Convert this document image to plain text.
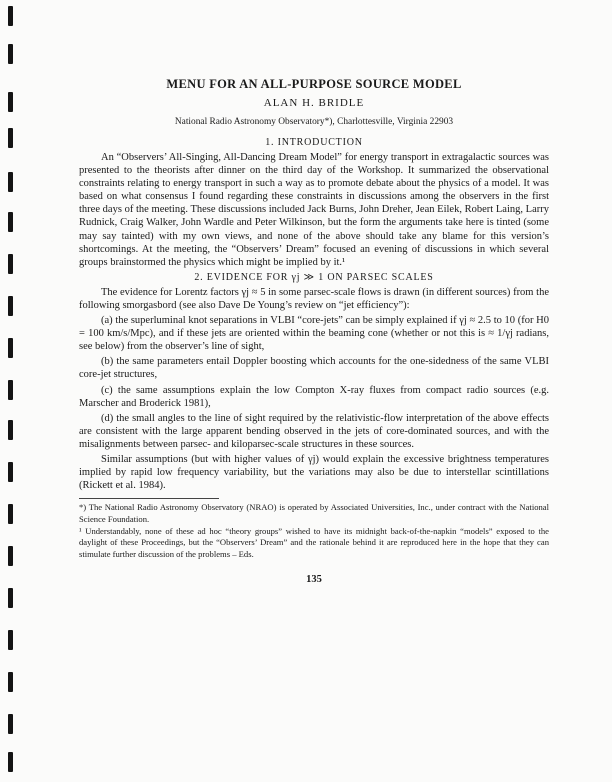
MENU FOR AN ALL-PURPOSE SOURCE MODEL
ALAN H. BRIDLE
National Radio Astronomy Observatory*), Charlottesville, Virginia 22903
1. INTRODUCTION

An “Observers’ All-Singing, All-Dancing Dream Model” for energy transport in extragalactic sources was presented to the theorists after dinner on the third day of the Workshop. It summarized the observational constraints relating to energy transport in such a way as to promote debate about the physics of a model. It was based on what consensus I found regarding these constraints in discussions among the observers in the first three days of the meeting. These discussions included Jack Burns, John Dreher, Jean Eilek, Robert Laing, Larry Rudnick, Craig Walker, John Wardle and Peter Wilkinson, but the form the arguments take here is tinted (some may say tainted) with my own views, and none of the above should take any blame for this version’s shortcomings. At the meeting, the “Observers’ Dream” focused an evening of discussions in which several groups brainstormed the physics which might be implied by it.¹

2. EVIDENCE FOR γj ≫ 1 ON PARSEC SCALES

The evidence for Lorentz factors γj ≈ 5 in some parsec-scale flows is drawn (in different sources) from the following smorgasbord (see also Dave De Young’s review on “jet efficiency”):

(a) the superluminal knot separations in VLBI “core-jets” can be simply explained if γj ≈ 2.5 to 10 (for H0 = 100 km/s/Mpc), and if these jets are oriented within the beaming cone (whether or not this is ≈ 1/γj radians, see below) from the observer’s line of sight,

(b) the same parameters entail Doppler boosting which accounts for the one-sidedness of the same VLBI core-jet structures,

(c) the same assumptions explain the low Compton X-ray fluxes from compact radio sources (e.g. Marscher and Broderick 1981),

(d) the small angles to the line of sight required by the relativistic-flow interpretation of the above effects are consistent with the large apparent bending observed in the jets of core-dominated sources, and with the misalignments between parsec- and kiloparsec-scale structures in these sources.

Similar assumptions (but with higher values of γj) would explain the excessive brightness temperatures implied by rapid low frequency variability, but the variations may also be due to interstellar scintillations (Rickett et al. 1984).

*) The National Radio Astronomy Observatory (NRAO) is operated by Associated Universities, Inc., under contract with the National Science Foundation.

¹ Understandably, none of these ad hoc “theory groups” wished to have its midnight back-of-the-napkin “models” exposed to the daylight of these Proceedings, but the “Observers’ Dream” and the rationale behind it are reproduced here in the hope that they can stimulate further discussion of the problems – Eds.

135
